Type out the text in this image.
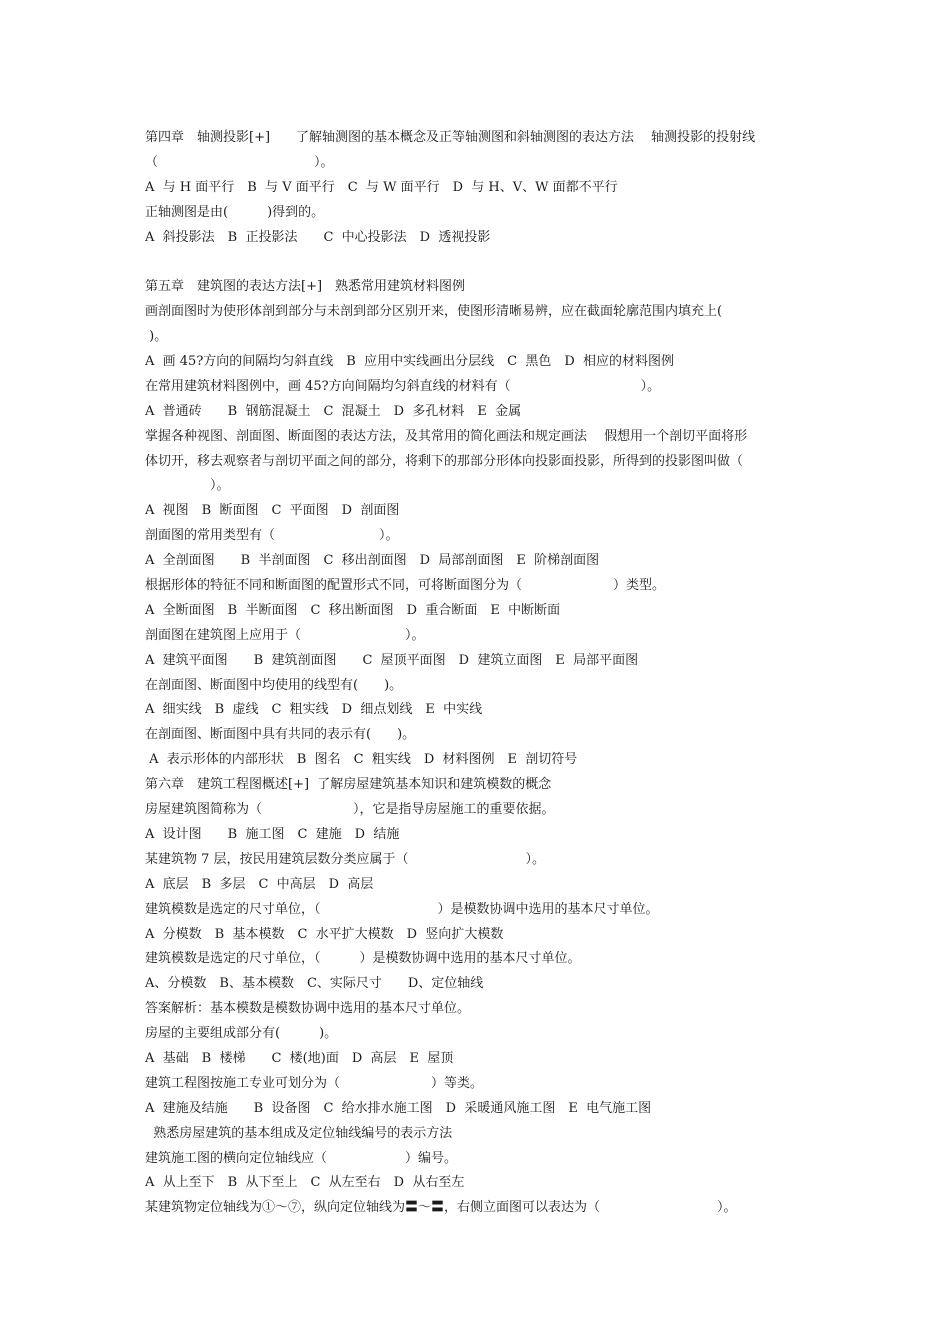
第四章　轴测投影[+]　　了解轴测图的基本概念及正等轴测图和斜轴测图的表达方法　 轴测投影的投射线
（　　　　　　　　　　　　）。
A  与 H 面平行　B  与 V 面平行　C  与 W 面平行　D  与 H、V、W 面都不平行
正轴测图是由(　　　)得到的。
A  斜投影法　B  正投影法　　C  中心投影法　D  透视投影
第五章　建筑图的表达方法[+]　熟悉常用建筑材料图例
画剖面图时为使形体剖到部分与未剖到部分区别开来，使图形清晰易辨，应在截面轮廓范围内填充上(
)。
A  画 45?方向的间隔均匀斜直线　B  应用中实线画出分层线　C  黑色　D  相应的材料图例
在常用建筑材料图例中，画 45?方向间隔均匀斜直线的材料有（　　　　　　　　　　）。
A  普通砖　　B  钢筋混凝土　C  混凝土　D  多孔材料　E  金属
掌握各种视图、剖面图、断面图的表达方法，及其常用的简化画法和规定画法　 假想用一个剖切平面将形
体切开，移去观察者与剖切平面之间的部分，将剩下的那部分形体向投影面投影，所得到的投影图叫做（
　　　　　）。
A  视图　B  断面图　C  平面图　D  剖面图
剖面图的常用类型有（　　　　　　　　）。
A  全剖面图　　B  半剖面图　C  移出剖面图　D  局部剖面图　E  阶梯剖面图
根据形体的特征不同和断面图的配置形式不同，可将断面图分为（　　　　　　　）类型。
A  全断面图　B  半断面图　C  移出断面图　D  重合断面　E  中断断面
剖面图在建筑图上应用于（　　　　　　　　）。
A  建筑平面图　　B  建筑剖面图　　C  屋顶平面图　D  建筑立面图　E  局部平面图
在剖面图、断面图中均使用的线型有(　　)。
A  细实线　B  虚线　C  粗实线　D  细点划线　E  中实线
在剖面图、断面图中具有共同的表示有(　　)。
A  表示形体的内部形状　B  图名　C  粗实线　D  材料图例　E  剖切符号
第六章　建筑工程图概述[+]  了解房屋建筑基本知识和建筑模数的概念
房屋建筑图简称为（　　　　　　　），它是指导房屋施工的重要依据。
A  设计图　　B  施工图　C  建施　D  结施
某建筑物 7 层，按民用建筑层数分类应属于（　　　　　　　　　）。
A  底层　B  多层　C  中高层　D  高层
建筑模数是选定的尺寸单位，（　　　　　　　　　）是模数协调中选用的基本尺寸单位。
A  分模数　B  基本模数　C  水平扩大模数　D  竖向扩大模数
建筑模数是选定的尺寸单位，（　　　）是模数协调中选用的基本尺寸单位。
A、分模数　B、基本模数　C、实际尺寸　　D、定位轴线
答案解析：基本模数是模数协调中选用的基本尺寸单位。
房屋的主要组成部分有(　　　)。
A  基础　B  楼梯　　C  楼(地)面　D  高层　E  屋顶
建筑工程图按施工专业可划分为（　　　　　　　）等类。
A  建施及结施　　B  设备图　C  给水排水施工图　D  采暖通风施工图　E  电气施工图
熟悉房屋建筑的基本组成及定位轴线编号的表示方法
建筑施工图的横向定位轴线应（　　　　　　）编号。
A  从上至下　B  从下至上　C  从左至右　D  从右至左
某建筑物定位轴线为①～⑦，纵向定位轴线为〓～〓，右侧立面图可以表达为（　　　　　　　　　）。
